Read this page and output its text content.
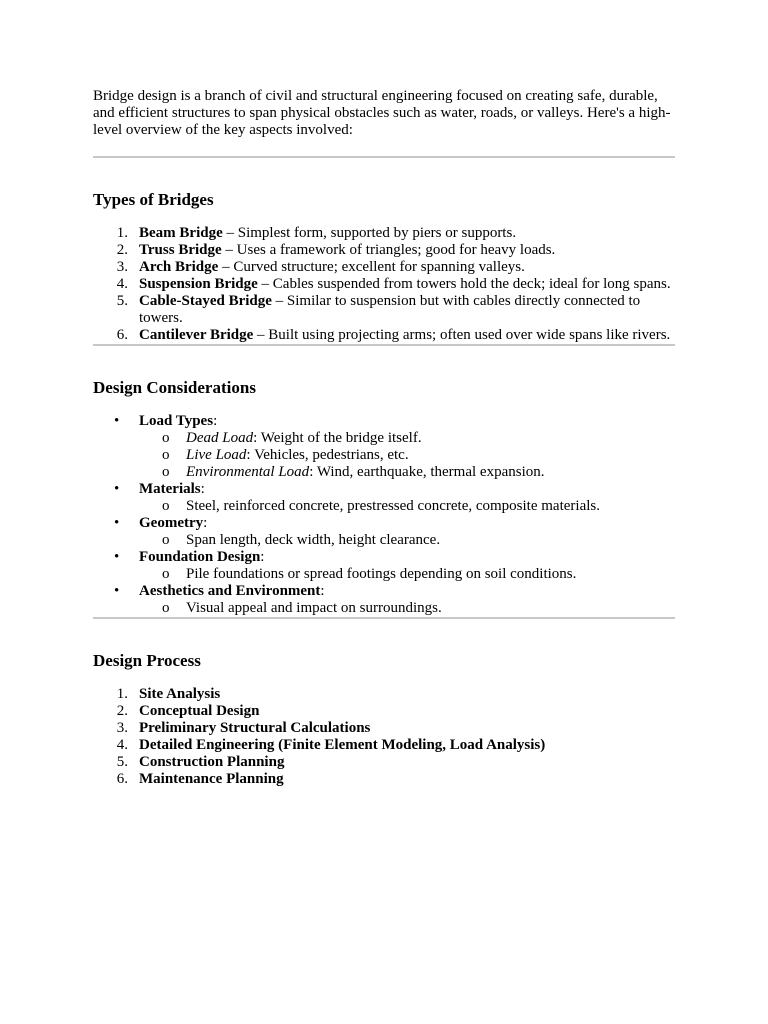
Bridge design is a branch of civil and structural engineering focused on creating safe, durable, and efficient structures to span physical obstacles such as water, roads, or valleys. Here's a high-level overview of the key aspects involved:

Types of Bridges
1. Beam Bridge – Simplest form, supported by piers or supports.
2. Truss Bridge – Uses a framework of triangles; good for heavy loads.
3. Arch Bridge – Curved structure; excellent for spanning valleys.
4. Suspension Bridge – Cables suspended from towers hold the deck; ideal for long spans.
5. Cable-Stayed Bridge – Similar to suspension but with cables directly connected to towers.
6. Cantilever Bridge – Built using projecting arms; often used over wide spans like rivers.
Design Considerations
• Load Types:
o Dead Load: Weight of the bridge itself.
o Live Load: Vehicles, pedestrians, etc.
o Environmental Load: Wind, earthquake, thermal expansion.
• Materials:
o Steel, reinforced concrete, prestressed concrete, composite materials.
• Geometry:
o Span length, deck width, height clearance.
• Foundation Design:
o Pile foundations or spread footings depending on soil conditions.
• Aesthetics and Environment:
o Visual appeal and impact on surroundings.
Design Process
1. Site Analysis
2. Conceptual Design
3. Preliminary Structural Calculations
4. Detailed Engineering (Finite Element Modeling, Load Analysis)
5. Construction Planning
6. Maintenance Planning
